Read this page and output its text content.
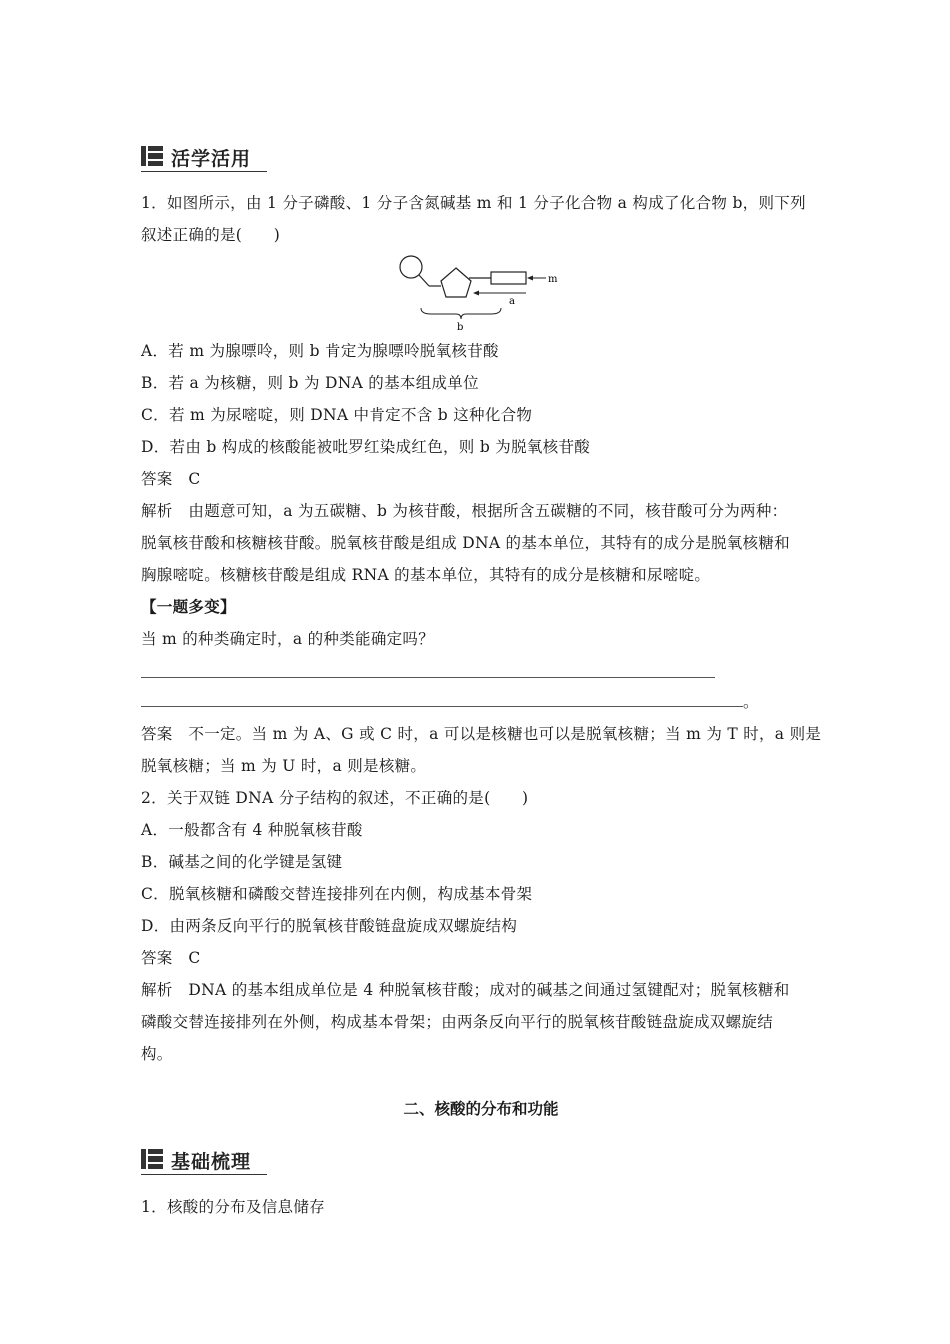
活学活用
1．如图所示，由 1 分子磷酸、1 分子含氮碱基 m 和 1 分子化合物 a 构成了化合物 b，则下列
叙述正确的是(　　)
m
a
b
A．若 m 为腺嘌呤，则 b 肯定为腺嘌呤脱氧核苷酸
B．若 a 为核糖，则 b 为 DNA 的基本组成单位
C．若 m 为尿嘧啶，则 DNA 中肯定不含 b 这种化合物
D．若由 b 构成的核酸能被吡罗红染成红色，则 b 为脱氧核苷酸
答案　C
解析　由题意可知，a 为五碳糖、b 为核苷酸，根据所含五碳糖的不同，核苷酸可分为两种：
脱氧核苷酸和核糖核苷酸。脱氧核苷酸是组成 DNA 的基本单位，其特有的成分是脱氧核糖和
胸腺嘧啶。核糖核苷酸是组成 RNA 的基本单位，其特有的成分是核糖和尿嘧啶。
【一题多变】
当 m 的种类确定时，a 的种类能确定吗？
。
答案　不一定。当 m 为 A、G 或 C 时，a 可以是核糖也可以是脱氧核糖；当 m 为 T 时，a 则是
脱氧核糖；当 m 为 U 时，a 则是核糖。
2．关于双链 DNA 分子结构的叙述，不正确的是(　　)
A．一般都含有 4 种脱氧核苷酸
B．碱基之间的化学键是氢键
C．脱氧核糖和磷酸交替连接排列在内侧，构成基本骨架
D．由两条反向平行的脱氧核苷酸链盘旋成双螺旋结构
答案　C
解析　DNA 的基本组成单位是 4 种脱氧核苷酸；成对的碱基之间通过氢键配对；脱氧核糖和
磷酸交替连接排列在外侧，构成基本骨架；由两条反向平行的脱氧核苷酸链盘旋成双螺旋结
构。
二、核酸的分布和功能
基础梳理
1．核酸的分布及信息储存
